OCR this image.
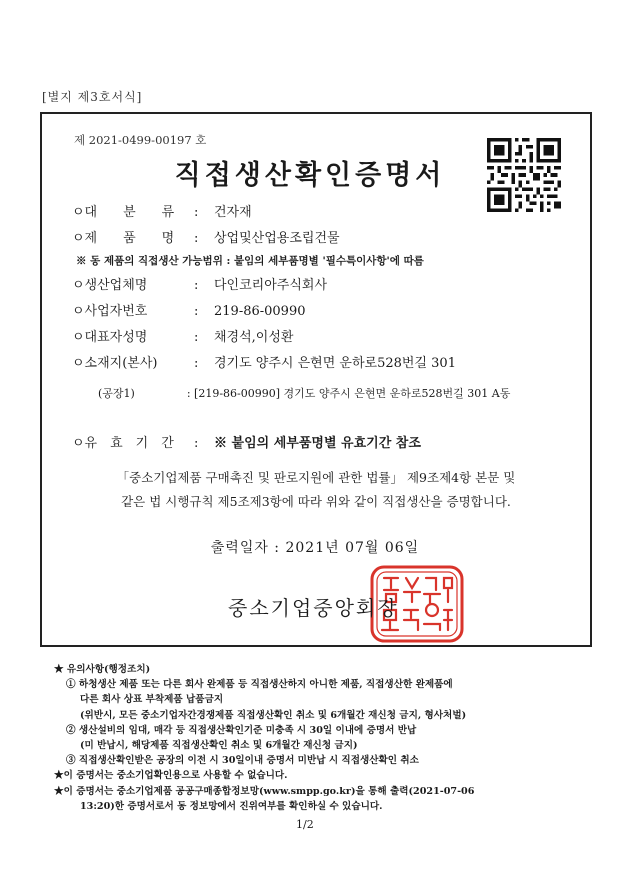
[별지 제3호서식]
제 2021-0499-00197 호
직접생산확인증명서
ㅇ대　　분　　류 : 건자재
ㅇ제　　품　　명 : 상업및산업용조립건물
※ 동 제품의 직접생산 가능범위 : 붙임의 세부품명별 '필수특이사항'에 따름
ㅇ생산업체명	: 다인코리아주식회사
ㅇ사업자번호	: 219-86-00990
ㅇ대표자성명	: 채경석,이성환
ㅇ소재지(본사)	: 경기도 양주시 은현면 운하로528번길 301
(공장1)	: [219-86-00990] 경기도 양주시 은현면 운하로528번길 301 A동
ㅇ유　효　기　간 : ※ 붙임의 세부품명별 유효기간 참조
「중소기업제품 구매촉진 및 판로지원에 관한 법률」 제9조제4항 본문 및
같은 법 시행규칙 제5조제3항에 따라 위와 같이 직접생산을 증명합니다.
출력일자 : 2021년 07월 06일
중소기업중앙회장인
중소기업중앙회장
★ 유의사항(행정조치)
① 하청생산 제품 또는 다른 회사 완제품 등 직접생산하지 아니한 제품, 직접생산한 완제품에
다른 회사 상표 부착제품 납품금지
(위반시, 모든 중소기업자간경쟁제품 직접생산확인 취소 및 6개월간 재신청 금지, 형사처벌)
② 생산설비의 임대, 매각 등 직접생산확인기준 미충족 시 30일 이내에 증명서 반납
(미 반납시, 해당제품 직접생산확인 취소 및 6개월간 재신청 금지)
③ 직접생산확인받은 공장의 이전 시 30일이내 증명서 미반납 시 직접생산확인 취소
★이 증명서는 중소기업확인용으로 사용할 수 없습니다.
★이 증명서는 중소기업제품 공공구매종합정보망(www.smpp.go.kr)을 통해 출력(2021-07-06
13:20)한 증명서로서 동 정보망에서 진위여부를 확인하실 수 있습니다.
1/2
